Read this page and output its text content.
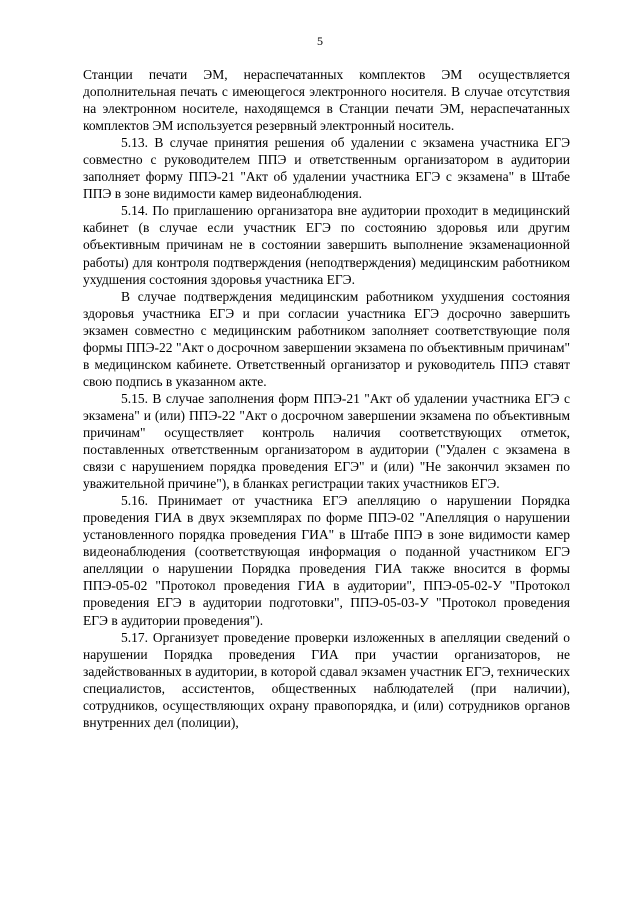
5

Станции печати ЭМ, нераспечатанных комплектов ЭМ осуществляется дополнительная печать с имеющегося электронного носителя. В случае отсутствия на электронном носителе, находящемся в Станции печати ЭМ, нераспечатанных комплектов ЭМ используется резервный электронный носитель.

5.13. В случае принятия решения об удалении с экзамена участника ЕГЭ совместно с руководителем ППЭ и ответственным организатором в аудитории заполняет форму ППЭ-21 "Акт об удалении участника ЕГЭ с экзамена" в Штабе ППЭ в зоне видимости камер видеонаблюдения.

5.14. По приглашению организатора вне аудитории проходит в медицинский кабинет (в случае если участник ЕГЭ по состоянию здоровья или другим объективным причинам не в состоянии завершить выполнение экзаменационной работы) для контроля подтверждения (неподтверждения) медицинским работником ухудшения состояния здоровья участника ЕГЭ.

В случае подтверждения медицинским работником ухудшения состояния здоровья участника ЕГЭ и при согласии участника ЕГЭ досрочно завершить экзамен совместно с медицинским работником заполняет соответствующие поля формы ППЭ-22 "Акт о досрочном завершении экзамена по объективным причинам" в медицинском кабинете. Ответственный организатор и руководитель ППЭ ставят свою подпись в указанном акте.

5.15. В случае заполнения форм ППЭ-21 "Акт об удалении участника ЕГЭ с экзамена" и (или) ППЭ-22 "Акт о досрочном завершении экзамена по объективным причинам" осуществляет контроль наличия соответствующих отметок, поставленных ответственным организатором в аудитории ("Удален с экзамена в связи с нарушением порядка проведения ЕГЭ" и (или) "Не закончил экзамен по уважительной причине"), в бланках регистрации таких участников ЕГЭ.

5.16. Принимает от участника ЕГЭ апелляцию о нарушении Порядка проведения ГИА в двух экземплярах по форме ППЭ-02 "Апелляция о нарушении установленного порядка проведения ГИА" в Штабе ППЭ в зоне видимости камер видеонаблюдения (соответствующая информация о поданной участником ЕГЭ апелляции о нарушении Порядка проведения ГИА также вносится в формы ППЭ-05-02 "Протокол проведения ГИА в аудитории", ППЭ-05-02-У "Протокол проведения ЕГЭ в аудитории подготовки", ППЭ-05-03-У "Протокол проведения ЕГЭ в аудитории проведения").

5.17. Организует проведение проверки изложенных в апелляции сведений о нарушении Порядка проведения ГИА при участии организаторов, не задействованных в аудитории, в которой сдавал экзамен участник ЕГЭ, технических специалистов, ассистентов, общественных наблюдателей (при наличии), сотрудников, осуществляющих охрану правопорядка, и (или) сотрудников органов внутренних дел (полиции),
